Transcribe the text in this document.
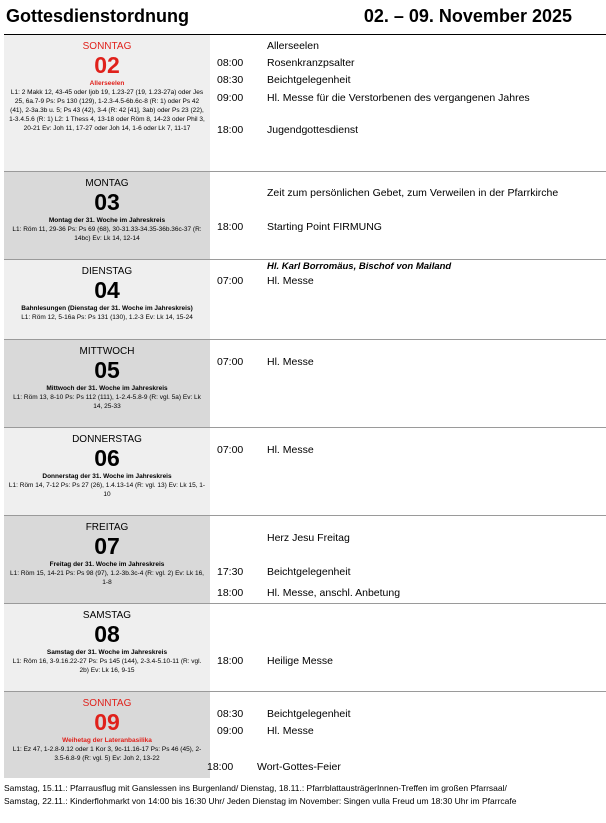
Gottesdienstordnung	02. – 09. November 2025
SONNTAG
02
Allerseelen
L1: 2 Makk 12, 43-45 oder Ijob 19, 1.23-27 (19, 1.23-27a) oder Jes 25, 6a.7-9 Ps: Ps 130 (129), 1-2.3-4.5-6b.6c-8 (R: 1) oder Ps 42 (41), 2-3a.3b u. 5; Ps 43 (42), 3-4 (R: 42 [41], 3ab) oder Ps 23 (22), 1-3.4.5.6 (R: 1) L2: 1 Thess 4, 13-18 oder Röm 8, 14-23 oder Phil 3, 20-21 Ev: Joh 11, 17-27 oder Joh 14, 1-6 oder Lk 7, 11-17
Allerseelen
08:00 Rosenkranzpsalter
08:30 Beichtgelegenheit
09:00 Hl. Messe für die Verstorbenen des vergangenen Jahres
18:00 Jugendgottesdienst
MONTAG
03
Montag der 31. Woche im Jahreskreis
L1: Röm 11, 29-36 Ps: Ps 69 (68), 30-31.33-34.35-36b.36c-37 (R: 14bc) Ev: Lk 14, 12-14
Zeit zum persönlichen Gebet, zum Verweilen in der Pfarrkirche
18:00 Starting Point FIRMUNG
DIENSTAG
04
Bahnlesungen (Dienstag der 31. Woche im Jahreskreis)
L1: Röm 12, 5-16a Ps: Ps 131 (130), 1.2-3 Ev: Lk 14, 15-24
Hl. Karl Borromäus, Bischof von Mailand
07:00 Hl. Messe
MITTWOCH
05
Mittwoch der 31. Woche im Jahreskreis
L1: Röm 13, 8-10 Ps: Ps 112 (111), 1-2.4-5.8-9 (R: vgl. 5a) Ev: Lk 14, 25-33
07:00 Hl. Messe
DONNERSTAG
06
Donnerstag der 31. Woche im Jahreskreis
L1: Röm 14, 7-12 Ps: Ps 27 (26), 1.4.13-14 (R: vgl. 13) Ev: Lk 15, 1-10
07:00 Hl. Messe
FREITAG
07
Freitag der 31. Woche im Jahreskreis
L1: Röm 15, 14-21 Ps: Ps 98 (97), 1.2-3b.3c-4 (R: vgl. 2) Ev: Lk 16, 1-8
Herz Jesu Freitag
17:30 Beichtgelegenheit
18:00 Hl. Messe, anschl. Anbetung
SAMSTAG
08
Samstag der 31. Woche im Jahreskreis
L1: Röm 16, 3-9.16.22-27 Ps: Ps 145 (144), 2-3.4-5.10-11 (R: vgl. 2b) Ev: Lk 16, 9-15
18:00 Heilige Messe
SONNTAG
09
Weihetag der Lateranbasilika
L1: Ez 47, 1-2.8-9.12 oder 1 Kor 3, 9c-11.16-17 Ps: Ps 46 (45), 2-3.5-6.8-9 (R: vgl. 5) Ev: Joh 2, 13-22
08:30 Beichtgelegenheit
09:00 Hl. Messe
18:00 Wort-Gottes-Feier
Samstag, 15.11.: Pfarrausflug mit Ganslessen ins Burgenland/ Dienstag, 18.11.: PfarrblattausträgerInnen-Treffen im großen Pfarrsaal/
Samstag, 22.11.: Kinderflohmarkt von 14:00 bis 16:30 Uhr/ Jeden Dienstag im November: Singen vulla Freud um 18:30 Uhr im Pfarrcafe
